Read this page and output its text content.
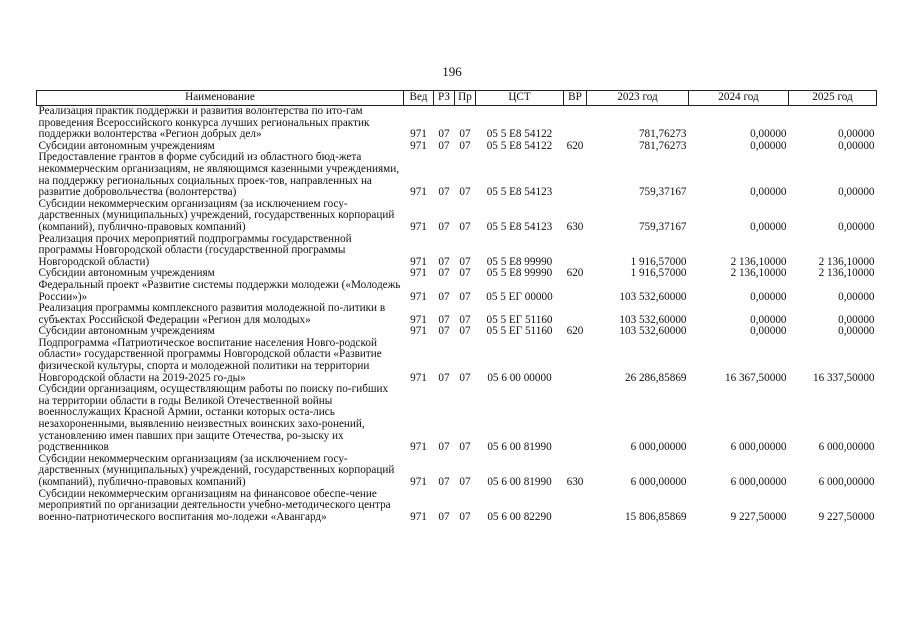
196
Наименование	Вед	РЗ	Пр	ЦСТ	ВР	2023 год	2024 год	2025 год
Реализация практик поддержки и развития волонтерства по ито-гам проведения Всероссийского конкурса лучших региональных практик поддержки волонтерства «Регион добрых дел»	971	07	07	05 5 Е8 54122		781,76273	0,00000	0,00000
Субсидии автономным учреждениям	971	07	07	05 5 Е8 54122	620	781,76273	0,00000	0,00000
Предоставление грантов в форме субсидий из областного бюд-жета некоммерческим организациям, не являющимся казенными учреждениями, на поддержку региональных социальных проек-тов, направленных на развитие добровольчества (волонтерства)	971	07	07	05 5 Е8 54123		759,37167	0,00000	0,00000
Субсидии некоммерческим организациям (за исключением госу-дарственных (муниципальных) учреждений, государственных корпораций (компаний), публично-правовых компаний)	971	07	07	05 5 Е8 54123	630	759,37167	0,00000	0,00000
Реализация прочих мероприятий подпрограммы государственной программы Новгородской области (государственной программы Новгородской области)	971	07	07	05 5 Е8 99990		1 916,57000	2 136,10000	2 136,10000
Субсидии автономным учреждениям	971	07	07	05 5 Е8 99990	620	1 916,57000	2 136,10000	2 136,10000
Федеральный проект «Развитие системы поддержки молодежи («Молодежь России»)»	971	07	07	05 5 ЕГ 00000		103 532,60000	0,00000	0,00000
Реализация программы комплексного развития молодежной по-литики в субъектах Российской Федерации «Регион для молодых»	971	07	07	05 5 ЕГ 51160		103 532,60000	0,00000	0,00000
Субсидии автономным учреждениям	971	07	07	05 5 ЕГ 51160	620	103 532,60000	0,00000	0,00000
Подпрограмма «Патриотическое воспитание населения Новго-родской области» государственной программы Новгородской области «Развитие физической культуры, спорта и молодежной политики на территории Новгородской области на 2019-2025 го-ды»	971	07	07	05 6 00 00000		26 286,85869	16 367,50000	16 337,50000
Субсидии организациям, осуществляющим работы по поиску по-гибших на территории области в годы Великой Отечественной войны военнослужащих Красной Армии, останки которых оста-лись незахороненными, выявлению неизвестных воинских захо-ронений, установлению имен павших при защите Отечества, ро-зыску их родственников	971	07	07	05 6 00 81990		6 000,00000	6 000,00000	6 000,00000
Субсидии некоммерческим организациям (за исключением госу-дарственных (муниципальных) учреждений, государственных корпораций (компаний), публично-правовых компаний)	971	07	07	05 6 00 81990	630	6 000,00000	6 000,00000	6 000,00000
Субсидии некоммерческим организациям на финансовое обеспе-чение мероприятий по организации деятельности учебно-методического центра военно-патриотического воспитания мо-лодежи «Авангард»	971	07	07	05 6 00 82290		15 806,85869	9 227,50000	9 227,50000
